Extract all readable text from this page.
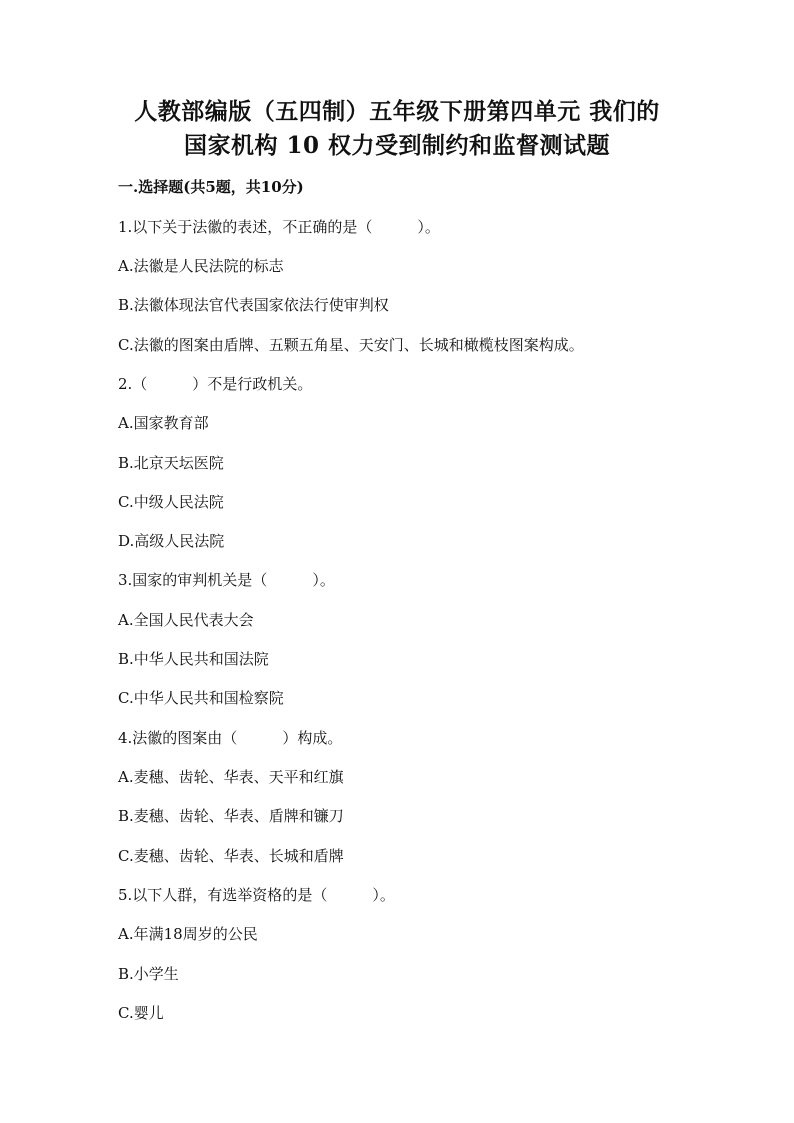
人教部编版（五四制）五年级下册第四单元 我们的
国家机构 10 权力受到制约和监督测试题
一.选择题(共5题，共10分)
1.以下关于法徽的表述，不正确的是（　　　）。
A.法徽是人民法院的标志
B.法徽体现法官代表国家依法行使审判权
C.法徽的图案由盾牌、五颗五角星、天安门、长城和橄榄枝图案构成。
2.（　　　）不是行政机关。
A.国家教育部
B.北京天坛医院
C.中级人民法院
D.高级人民法院
3.国家的审判机关是（　　　）。
A.全国人民代表大会
B.中华人民共和国法院
C.中华人民共和国检察院
4.法徽的图案由（　　　）构成。
A.麦穗、齿轮、华表、天平和红旗
B.麦穗、齿轮、华表、盾牌和镰刀
C.麦穗、齿轮、华表、长城和盾牌
5.以下人群，有选举资格的是（　　　）。
A.年满18周岁的公民
B.小学生
C.婴儿
